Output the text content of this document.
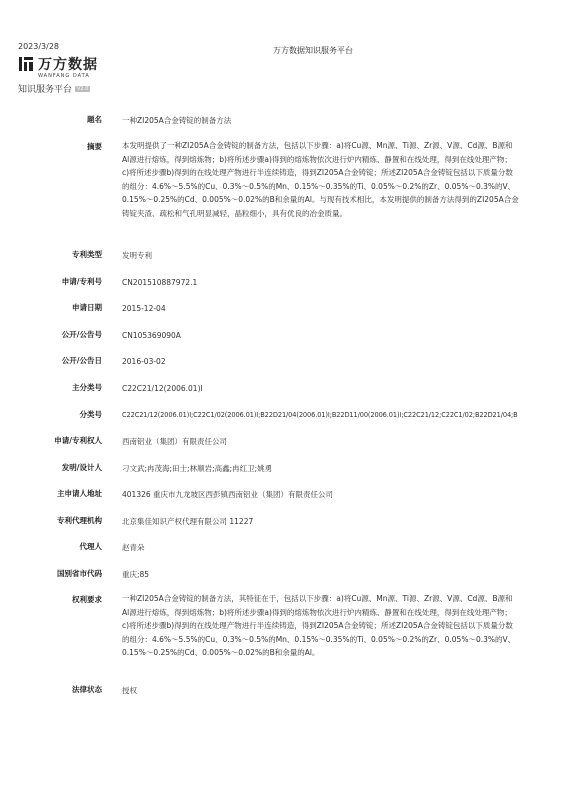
2023/3/28
万方数据
WANFANG DATA
知识服务平台	V2.0
万方数据知识服务平台
题名	一种ZI205A合金铸锭的制备方法
摘要	本发明提供了一种ZI205A合金铸锭的制备方法，包括以下步骤：a)将Cu源、Mn源、Ti源、Zr源、V源、Cd源、B源和
Al源进行熔炼，得到熔炼物；b)将所述步骤a)得到的熔炼物依次进行炉内精炼、静置和在线处理，得到在线处理产物；
c)将所述步骤b)得到的在线处理产物进行半连续铸造，得到ZI205A合金铸锭；所述ZI205A合金铸锭包括以下质量分数
的组分：4.6%～5.5%的Cu、0.3%～0.5%的Mn、0.15%～0.35%的Ti、0.05%～0.2%的Zr、0.05%～0.3%的V、
0.15%～0.25%的Cd、0.005%～0.02%的B和余量的Al。与现有技术相比，本发明提供的制备方法得到的ZI205A合金
铸锭夹渣、疏松和气孔明显减轻，晶粒细小，具有优良的冶金质量。
专利类型	发明专利
申请/专利号	CN201510887972.1
申请日期	2015-12-04
公开/公告号	CN105369090A
公开/公告日	2016-03-02
主分类号	C22C21/12(2006.01)I
分类号	C22C21/12(2006.01)I;C22C1/02(2006.01)I;B22D21/04(2006.01)I;B22D11/00(2006.01)I;C22C21/12;C22C1/02;B22D21/04;B
申请/专利权人	西南铝业（集团）有限责任公司
发明/设计人	刁文武;冉茂海;田士;林顺岩;高鑫;冉红卫;姚勇
主申请人地址	401326 重庆市九龙坡区西彭镇西南铝业（集团）有限责任公司
专利代理机构	北京集佳知识产权代理有限公司 11227
代理人	赵青朵
国别省市代码	重庆;85
权利要求	一种ZI205A合金铸锭的制备方法，其特征在于，包括以下步骤：a)将Cu源、Mn源、Ti源、Zr源、V源、Cd源、B源和
Al源进行熔炼，得到熔炼物；b)将所述步骤a)得到的熔炼物依次进行炉内精炼、静置和在线处理，得到在线处理产物；
c)将所述步骤b)得到的在线处理产物进行半连续铸造，得到ZI205A合金铸锭；所述ZI205A合金铸锭包括以下质量分数
的组分：4.6%～5.5%的Cu、0.3%～0.5%的Mn、0.15%～0.35%的Ti、0.05%～0.2%的Zr、0.05%～0.3%的V、
0.15%～0.25%的Cd、0.005%～0.02%的B和余量的Al。
法律状态	授权
